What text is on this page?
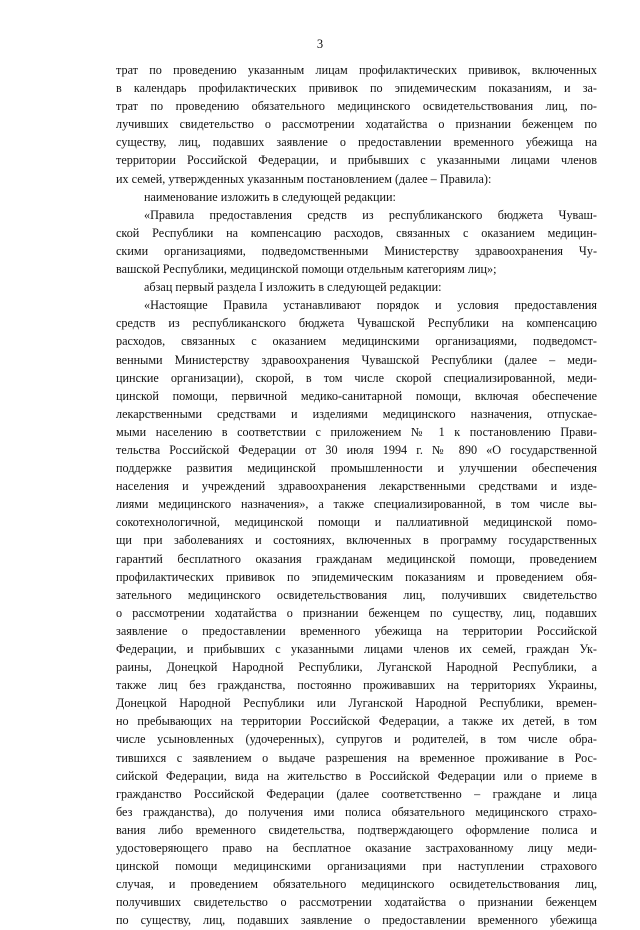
3
трат по проведению указанным лицам профилактических прививок, включенных
в календарь профилактических прививок по эпидемическим показаниям, и за-
трат по проведению обязательного медицинского освидетельствования лиц, по-
лучивших свидетельство о рассмотрении ходатайства о признании беженцем по
существу, лиц, подавших заявление о предоставлении временного убежища на
территории Российской Федерации, и прибывших с указанными лицами членов
их семей, утвержденных указанным постановлением (далее – Правила):
наименование изложить в следующей редакции:
«Правила предоставления средств из республиканского бюджета Чуваш-
ской Республики на компенсацию расходов, связанных с оказанием медицин-
скими организациями, подведомственными Министерству здравоохранения Чу-
вашской Республики, медицинской помощи отдельным категориям лиц»;
абзац первый раздела I изложить в следующей редакции:
«Настоящие Правила устанавливают порядок и условия предоставления
средств из республиканского бюджета Чувашской Республики на компенсацию
расходов, связанных с оказанием медицинскими организациями, подведомст-
венными Министерству здравоохранения Чувашской Республики (далее – меди-
цинские организации), скорой, в том числе скорой специализированной, меди-
цинской помощи, первичной медико-санитарной помощи, включая обеспечение
лекарственными средствами и изделиями медицинского назначения, отпускае-
мыми населению в соответствии с приложением № 1 к постановлению Прави-
тельства Российской Федерации от 30 июля 1994 г. № 890 «О государственной
поддержке развития медицинской промышленности и улучшении обеспечения
населения и учреждений здравоохранения лекарственными средствами и изде-
лиями медицинского назначения», а также специализированной, в том числе вы-
сокотехнологичной, медицинской помощи и паллиативной медицинской помо-
щи при заболеваниях и состояниях, включенных в программу государственных
гарантий бесплатного оказания гражданам медицинской помощи, проведением
профилактических прививок по эпидемическим показаниям и проведением обя-
зательного медицинского освидетельствования лиц, получивших свидетельство
о рассмотрении ходатайства о признании беженцем по существу, лиц, подавших
заявление о предоставлении временного убежища на территории Российской
Федерации, и прибывших с указанными лицами членов их семей, граждан Ук-
раины, Донецкой Народной Республики, Луганской Народной Республики, а
также лиц без гражданства, постоянно проживавших на территориях Украины,
Донецкой Народной Республики или Луганской Народной Республики, времен-
но пребывающих на территории Российской Федерации, а также их детей, в том
числе усыновленных (удочеренных), супругов и родителей, в том числе обра-
тившихся с заявлением о выдаче разрешения на временное проживание в Рос-
сийской Федерации, вида на жительство в Российской Федерации или о приеме в
гражданство Российской Федерации (далее соответственно – граждане и лица
без гражданства), до получения ими полиса обязательного медицинского страхо-
вания либо временного свидетельства, подтверждающего оформление полиса и
удостоверяющего право на бесплатное оказание застрахованному лицу меди-
цинской помощи медицинскими организациями при наступлении страхового
случая, и проведением обязательного медицинского освидетельствования лиц,
получивших свидетельство о рассмотрении ходатайства о признании беженцем
по существу, лиц, подавших заявление о предоставлении временного убежища
